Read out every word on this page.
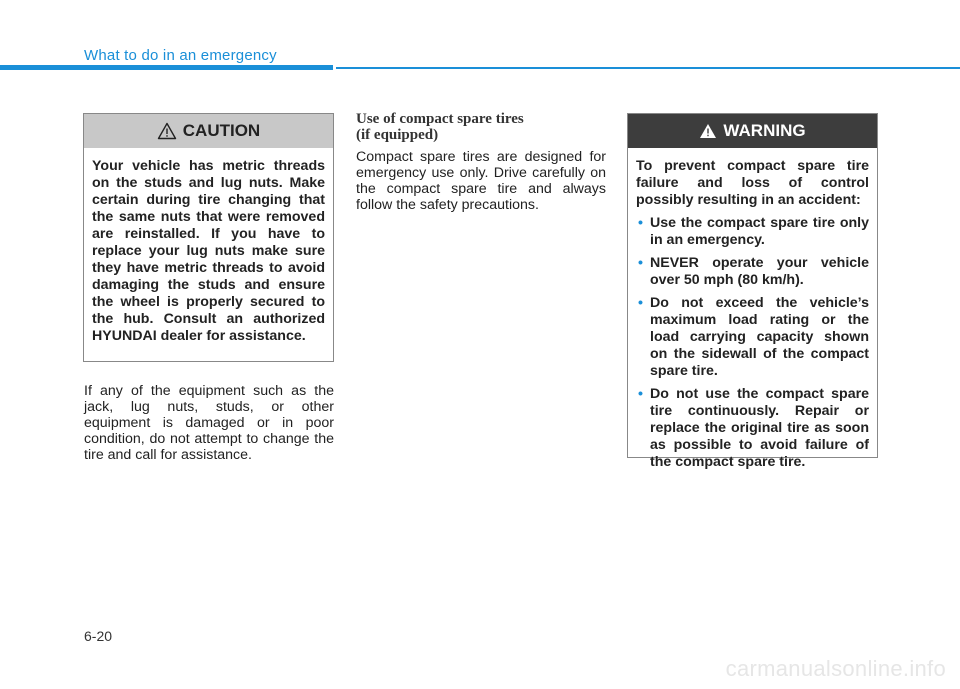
What to do in an emergency
CAUTION
Your vehicle has metric threads on the studs and lug nuts. Make certain during tire changing that the same nuts that were removed are reinstalled. If you have to replace your lug nuts make sure they have metric threads to avoid damaging the studs and ensure the wheel is properly secured to the hub. Consult an authorized HYUNDAI dealer for assistance.
If any of the equipment such as the jack, lug nuts, studs, or other equipment is damaged or in poor condition, do not attempt to change the tire and call for assistance.
Use of compact spare tires
(if equipped)
Compact spare tires are designed for emergency use only. Drive carefully on the compact spare tire and always follow the safety precautions.
WARNING

To prevent compact spare tire failure and loss of control possibly resulting in an accident:

• Use the compact spare tire only in an emergency.
• NEVER operate your vehicle over 50 mph (80 km/h).
• Do not exceed the vehicle’s maximum load rating or the load carrying capacity shown on the sidewall of the compact spare tire.
• Do not use the compact spare tire continuously. Repair or replace the original tire as soon as possible to avoid failure of the compact spare tire.
6-20
carmanualsonline.info
